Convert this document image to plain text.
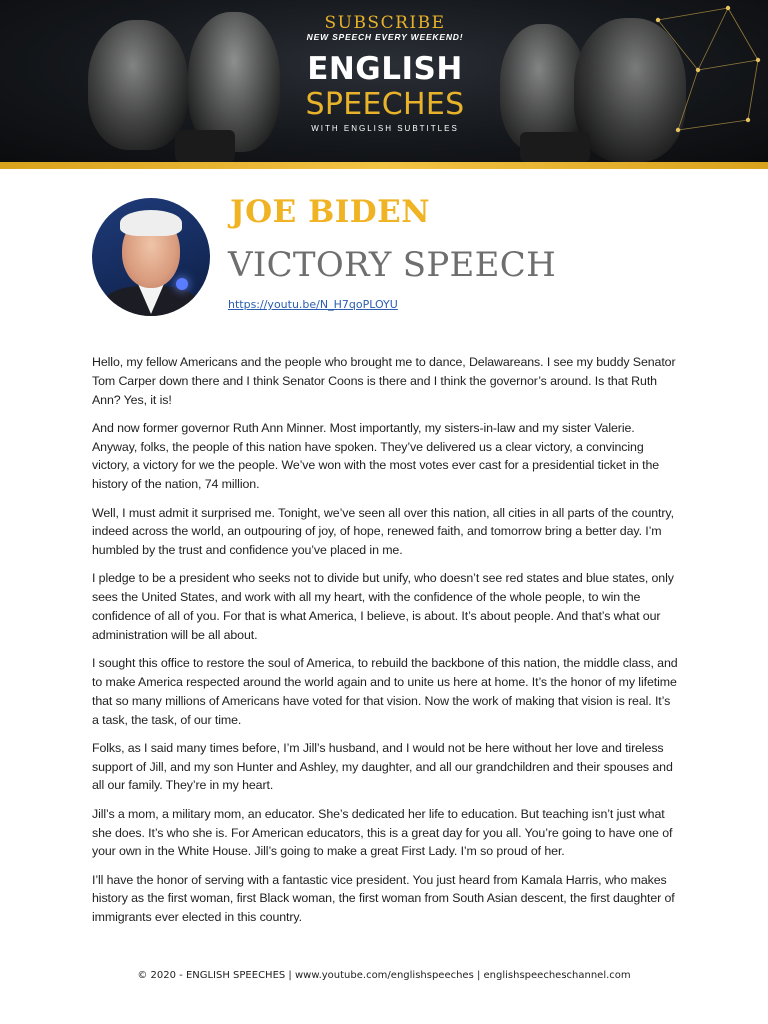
SUBSCRIBE
NEW SPEECH EVERY WEEKEND!
ENGLISH
SPEECHES
WITH ENGLISH SUBTITLES
JOE BIDEN
VICTORY SPEECH
https://youtu.be/N_H7qoPLOYU

Hello, my fellow Americans and the people who brought me to dance, Delawareans. I see my buddy Senator Tom Carper down there and I think Senator Coons is there and I think the governor’s around. Is that Ruth Ann? Yes, it is!

And now former governor Ruth Ann Minner. Most importantly, my sisters-in-law and my sister Valerie. Anyway, folks, the people of this nation have spoken. They’ve delivered us a clear victory, a convincing victory, a victory for we the people. We’ve won with the most votes ever cast for a presidential ticket in the history of the nation, 74 million.

Well, I must admit it surprised me. Tonight, we’ve seen all over this nation, all cities in all parts of the country, indeed across the world, an outpouring of joy, of hope, renewed faith, and tomorrow bring a better day. I’m humbled by the trust and confidence you’ve placed in me.

I pledge to be a president who seeks not to divide but unify, who doesn’t see red states and blue states, only sees the United States, and work with all my heart, with the confidence of the whole people, to win the confidence of all of you. For that is what America, I believe, is about. It’s about people. And that’s what our administration will be all about.

I sought this office to restore the soul of America, to rebuild the backbone of this nation, the middle class, and to make America respected around the world again and to unite us here at home. It’s the honor of my lifetime that so many millions of Americans have voted for that vision. Now the work of making that vision is real. It’s a task, the task, of our time.

Folks, as I said many times before, I’m Jill’s husband, and I would not be here without her love and tireless support of Jill, and my son Hunter and Ashley, my daughter, and all our grandchildren and their spouses and all our family. They’re in my heart.

Jill’s a mom, a military mom, an educator. She’s dedicated her life to education. But teaching isn’t just what she does. It’s who she is. For American educators, this is a great day for you all. You’re going to have one of your own in the White House. Jill’s going to make a great First Lady. I’m so proud of her.

I’ll have the honor of serving with a fantastic vice president. You just heard from Kamala Harris, who makes history as the first woman, first Black woman, the first woman from South Asian descent, the first daughter of immigrants ever elected in this country.

© 2020 - ENGLISH SPEECHES | www.youtube.com/englishspeeches | englishspeecheschannel.com
